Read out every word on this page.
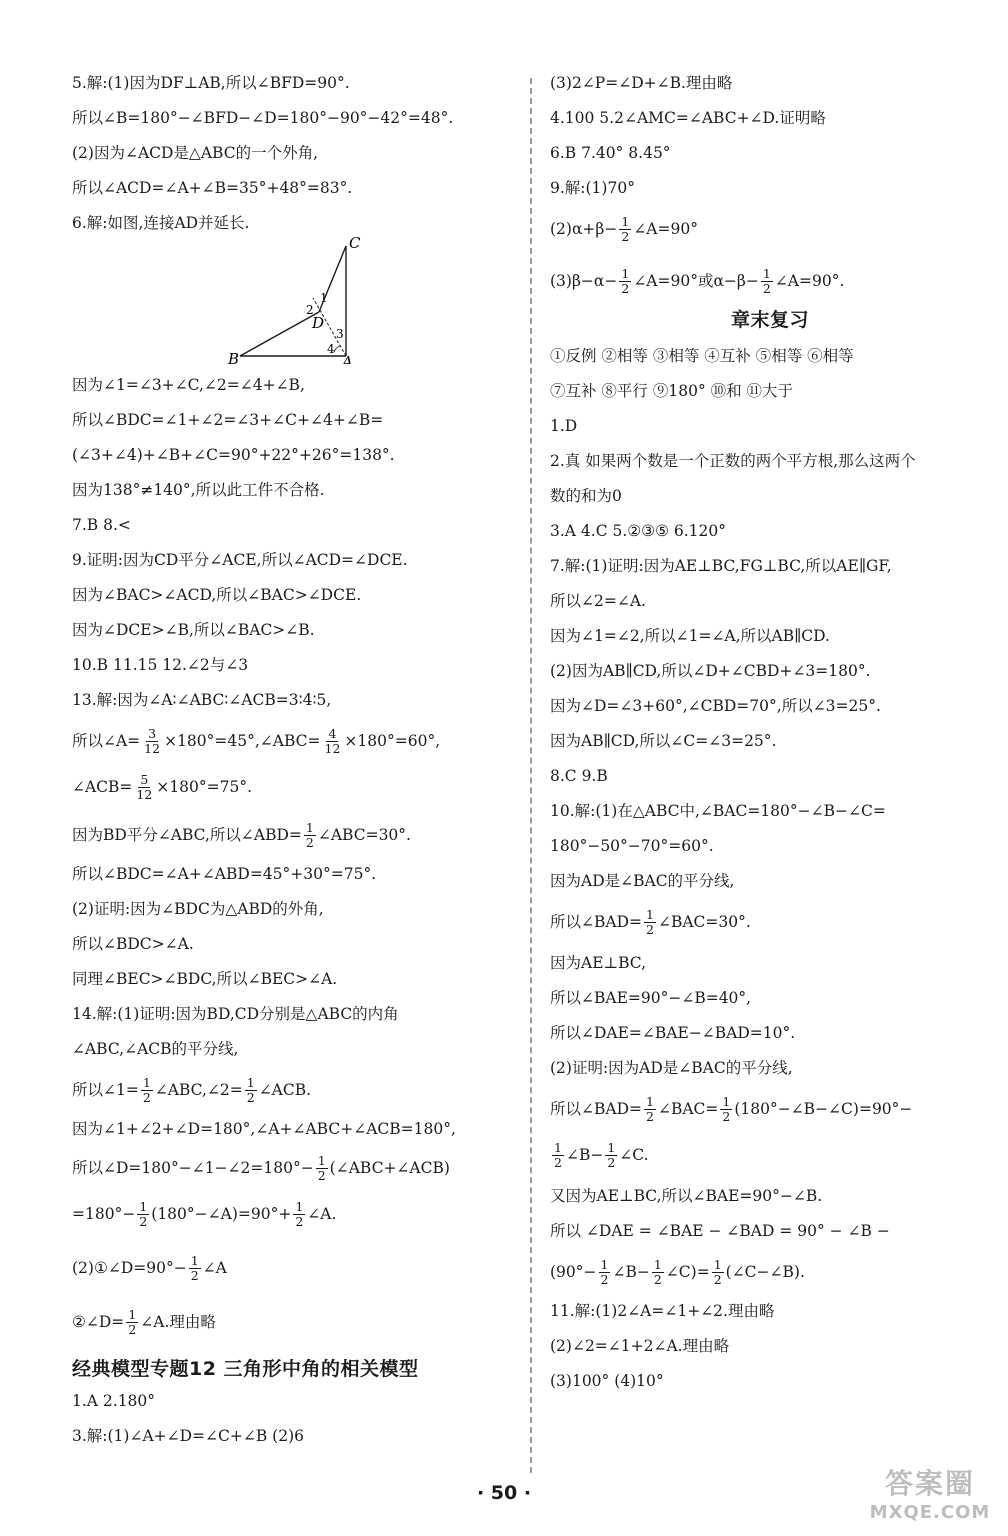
5.解:(1)因为DF⊥AB,所以∠BFD=90°.
所以∠B=180°−∠BFD−∠D=180°−90°−42°=48°.
(2)因为∠ACD是△ABC的一个外角,
所以∠ACD=∠A+∠B=35°+48°=83°.
6.解:如图,连接AD并延长.
C
B	A
D
1
2
3
4
因为∠1=∠3+∠C,∠2=∠4+∠B,
所以∠BDC=∠1+∠2=∠3+∠C+∠4+∠B=
(∠3+∠4)+∠B+∠C=90°+22°+26°=138°.
因为138°≠140°,所以此工件不合格.
7.B 8.<
9.证明:因为CD平分∠ACE,所以∠ACD=∠DCE.
因为∠BAC>∠ACD,所以∠BAC>∠DCE.
因为∠DCE>∠B,所以∠BAC>∠B.
10.B 11.15 12.∠2与∠3
13.解:因为∠A∶∠ABC∶∠ACB=3∶4∶5,
所以∠A= $\frac{3}{12}$ ×180°=45°,∠ABC= $\frac{4}{12} \times 180^\circ=60^\circ$,
∠ACB= $\frac{5}{12} \times 180^\circ=75^\circ$.
因为BD平分∠ABC,所以∠ABD= $\frac{1}{2}$ ∠ABC=30°.
所以∠BDC=∠A+∠ABD=45°+30°=75°.
(2)证明:因为∠BDC为△ABD的外角,
所以∠BDC>∠A.
同理∠BEC>∠BDC,所以∠BEC>∠A.
14.解:(1)证明:因为BD,CD分别是△ABC的内角
∠ABC,∠ACB的平分线,
所以∠1= $\frac{1}{2}$ ∠ABC,∠2= $\frac{1}{2}$ ∠ACB.
因为∠1+∠2+∠D=180°,∠A+∠ABC+∠ACB=180°,
所以∠D=180°−∠1−∠2=180°− $\frac{1}{2}$ (∠ABC+∠ACB)
$=180^\circ- \frac{1}{2}$ (180°−∠A)=90°+ $\frac{1}{2}$ ∠A.
(2)①∠D=90°− $\frac{1}{2}$ ∠A
②∠D= $\frac{1}{2}$ ∠A.理由略
经典模型专题12 三角形中角的相关模型
1.A 2.180°
3.解:(1)∠A+∠D=∠C+∠B (2)6
(3)2∠P=∠D+∠B.理由略
4.100 5.2∠AMC=∠ABC+∠D.证明略
6.B 7.40° 8.45°
9.解:(1)70°
$(2)\alpha+\beta- \frac{1}{2}$ ∠A=90°
$(3)\beta-\alpha- \frac{1}{2}$ ∠A=90°或$\alpha-\beta- \frac{1}{2}$ ∠A=90°.
章末复习
①反例 ②相等 ③相等 ④互补 ⑤相等 ⑥相等
⑦互补 ⑧平行 ⑨180° ⑩和 ⑪大于
1.D
2.真 如果两个数是一个正数的两个平方根,那么这两个
数的和为0
3.A 4.C 5.②③⑤ 6.120°
7.解:(1)证明:因为AE⊥BC,FG⊥BC,所以AE∥GF,
所以∠2=∠A.
因为∠1=∠2,所以∠1=∠A,所以AB∥CD.
(2)因为AB∥CD,所以∠D+∠CBD+∠3=180°.
因为∠D=∠3+60°,∠CBD=70°,所以∠3=25°.
因为AB∥CD,所以∠C=∠3=25°.
8.C 9.B
10.解:(1)在△ABC中,∠BAC=180°−∠B−∠C=
180°−50°−70°=60°.
因为AD是∠BAC的平分线,
所以∠BAD= $\frac{1}{2}$ ∠BAC=30°.
因为AE⊥BC,
所以∠BAE=90°−∠B=40°,
所以∠DAE=∠BAE−∠BAD=10°.
(2)证明:因为AD是∠BAC的平分线,
所以∠BAD= $\frac{1}{2}$ ∠BAC= $\frac{1}{2}$ (180°−∠B−∠C)=90°−
$\frac{1}{2}$ ∠B− $\frac{1}{2}$ ∠C.
又因为AE⊥BC,所以∠BAE=90°−∠B.
所以 ∠DAE = ∠BAE − ∠BAD = 90° − ∠B −
($90^\circ- \frac{1}{2}$ ∠B− $\frac{1}{2}$ ∠C)= $\frac{1}{2}$ (∠C−∠B).
11.解:(1)2∠A=∠1+∠2.理由略
(2)∠2=∠1+2∠A.理由略
(3)100° (4)10°
· 50 ·	答案圈
MXQE.COM
